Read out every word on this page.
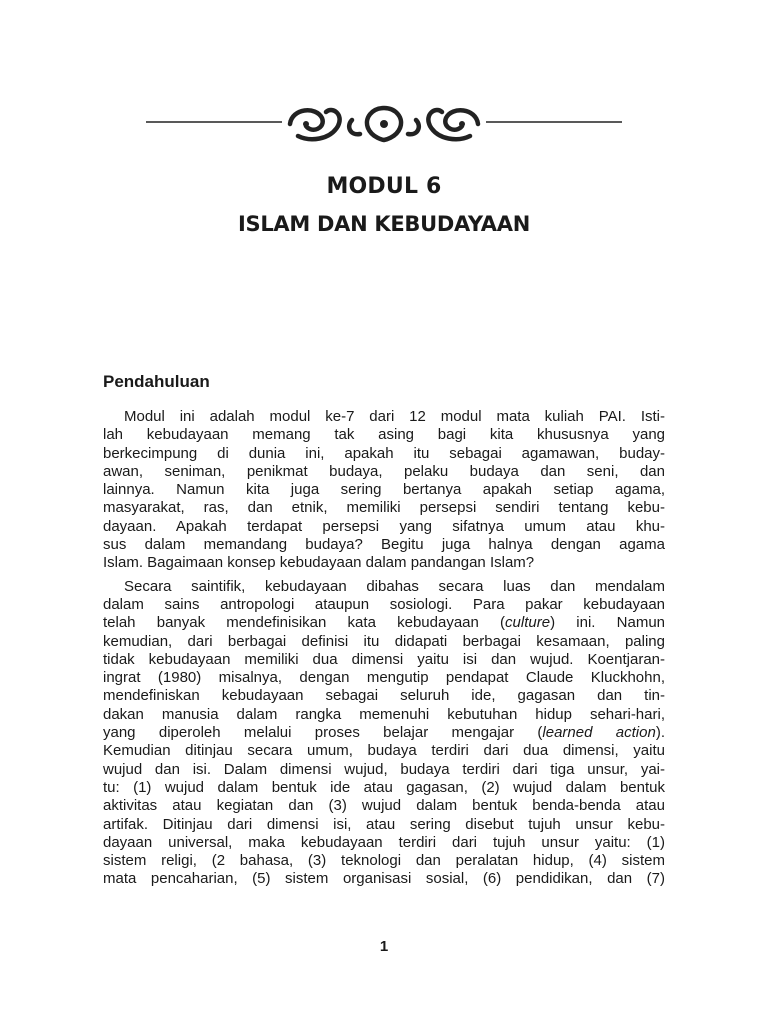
MODUL 6
ISLAM DAN KEBUDAYAAN
Pendahuluan

Modul ini adalah modul ke-7 dari 12 modul mata kuliah PAI. Isti-
lah kebudayaan memang tak asing bagi kita khususnya yang
berkecimpung di dunia ini, apakah itu sebagai agamawan, buday-
awan, seniman, penikmat budaya, pelaku budaya dan seni, dan
lainnya. Namun kita juga sering bertanya apakah setiap agama,
masyarakat, ras, dan etnik, memiliki persepsi sendiri tentang kebu-
dayaan. Apakah terdapat persepsi yang sifatnya umum atau khu-
sus dalam memandang budaya? Begitu juga halnya dengan agama
Islam. Bagaimaan konsep kebudayaan dalam pandangan Islam?

Secara saintifik, kebudayaan dibahas secara luas dan mendalam
dalam sains antropologi ataupun sosiologi. Para pakar kebudayaan
telah banyak mendefinisikan kata kebudayaan (culture) ini. Namun
kemudian, dari berbagai definisi itu didapati berbagai kesamaan, paling
tidak kebudayaan memiliki dua dimensi yaitu isi dan wujud. Koentjaran-
ingrat (1980) misalnya, dengan mengutip pendapat Claude Kluckhohn,
mendefiniskan kebudayaan sebagai seluruh ide, gagasan dan tin-
dakan manusia dalam rangka memenuhi kebutuhan hidup sehari-hari,
yang diperoleh melalui proses belajar mengajar (learned action).
Kemudian ditinjau secara umum, budaya terdiri dari dua dimensi, yaitu
wujud dan isi. Dalam dimensi wujud, budaya terdiri dari tiga unsur, yai-
tu: (1) wujud dalam bentuk ide atau gagasan, (2) wujud dalam bentuk
aktivitas atau kegiatan dan (3) wujud dalam bentuk benda-benda atau
artifak. Ditinjau dari dimensi isi, atau sering disebut tujuh unsur kebu-
dayaan universal, maka kebudayaan terdiri dari tujuh unsur yaitu: (1)
sistem religi, (2 bahasa, (3) teknologi dan peralatan hidup, (4) sistem
mata pencaharian, (5) sistem organisasi sosial, (6) pendidikan, dan (7)

1
